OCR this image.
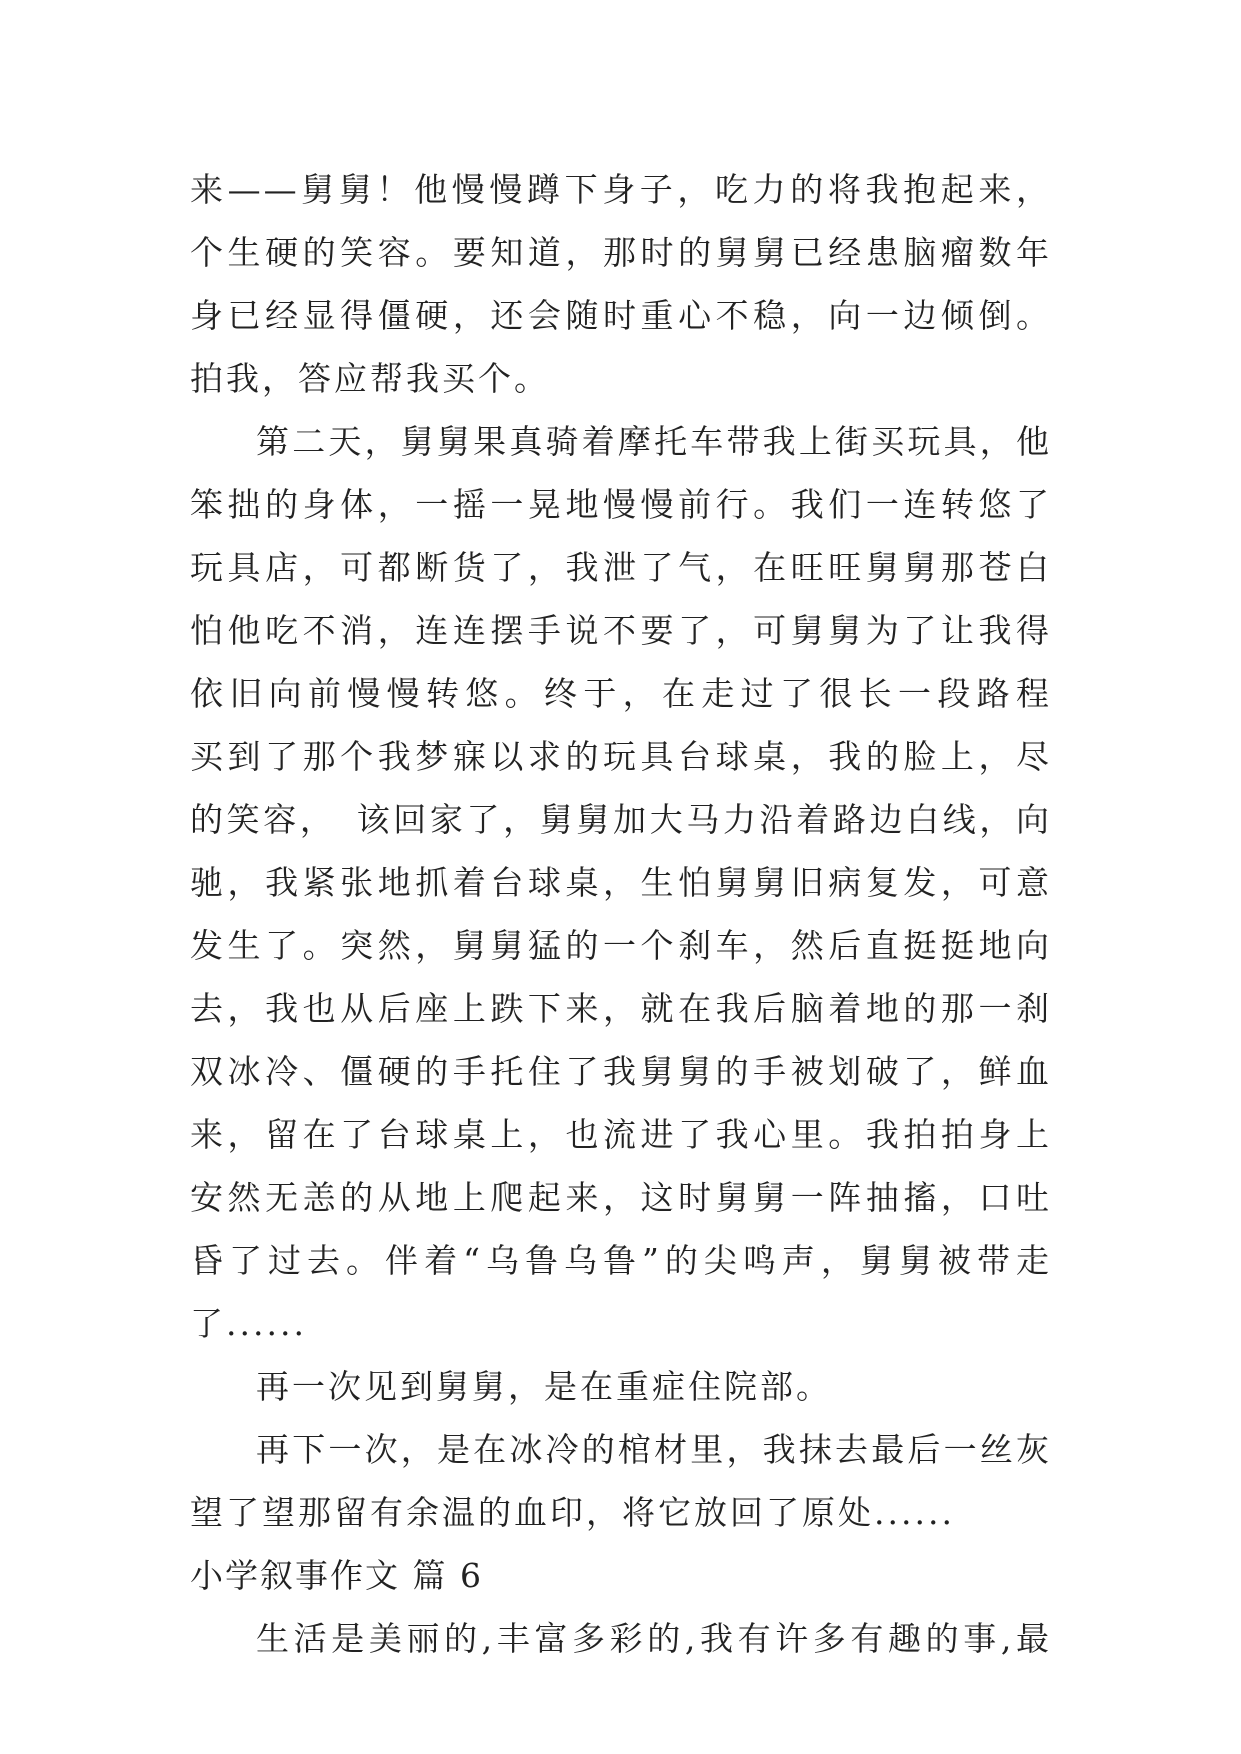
来——舅舅！他慢慢蹲下身子，吃力的将我抱起来，
个生硬的笑容。要知道，那时的舅舅已经患脑瘤数年
身已经显得僵硬，还会随时重心不稳，向一边倾倒。
拍我，答应帮我买个。
第二天，舅舅果真骑着摩托车带我上街买玩具，他
笨拙的身体，一摇一晃地慢慢前行。我们一连转悠了
玩具店，可都断货了，我泄了气，在旺旺舅舅那苍白
怕他吃不消，连连摆手说不要了，可舅舅为了让我得
依旧向前慢慢转悠。终于，在走过了很长一段路程
买到了那个我梦寐以求的玩具台球桌，我的脸上，尽
的笑容，　该回家了，舅舅加大马力沿着路边白线，向
驰，我紧张地抓着台球桌，生怕舅舅旧病复发，可意
发生了。突然，舅舅猛的一个刹车，然后直挺挺地向
去，我也从后座上跌下来，就在我后脑着地的那一刹
双冰冷、僵硬的手托住了我舅舅的手被划破了，鲜血
来，留在了台球桌上，也流进了我心里。我拍拍身上
安然无恙的从地上爬起来，这时舅舅一阵抽搐，口吐
昏了过去。伴着“乌鲁乌鲁”的尖鸣声，舅舅被带走
了......
再一次见到舅舅，是在重症住院部。
再下一次，是在冰冷的棺材里，我抹去最后一丝灰
望了望那留有余温的血印，将它放回了原处......
小学叙事作文 篇 6
生活是美丽的,丰富多彩的,我有许多有趣的事,最
